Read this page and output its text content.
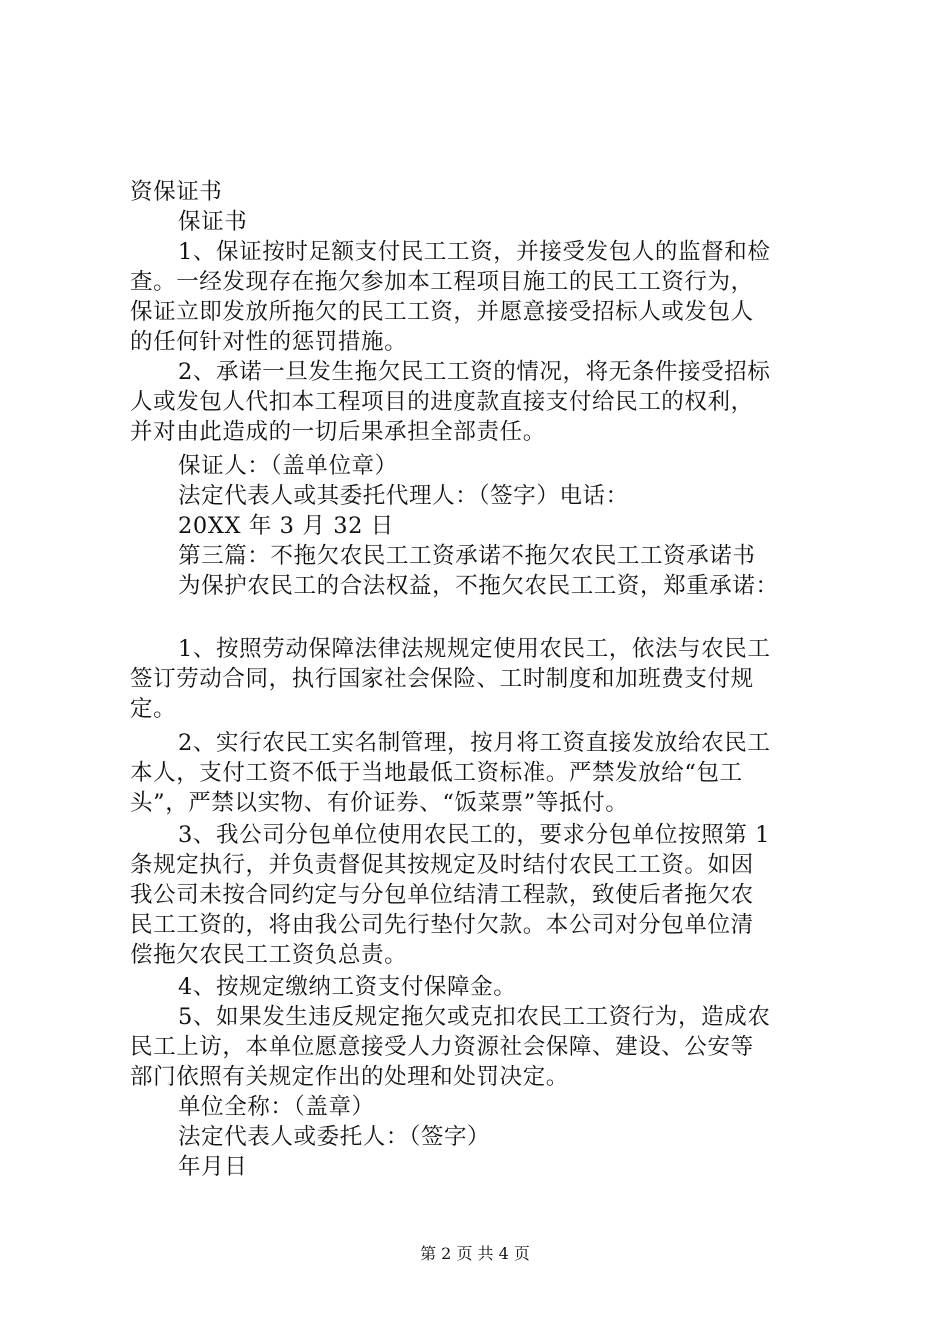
资保证书

保证书

1、保证按时足额支付民工工资，并接受发包人的监督和检

查。一经发现存在拖欠参加本工程项目施工的民工工资行为，

保证立即发放所拖欠的民工工资，并愿意接受招标人或发包人

的任何针对性的惩罚措施。

2、承诺一旦发生拖欠民工工资的情况，将无条件接受招标

人或发包人代扣本工程项目的进度款直接支付给民工的权利，

并对由此造成的一切后果承担全部责任。

保证人：（盖单位章）

法定代表人或其委托代理人：（签字）电话：

20XX 年 3 月 32 日

第三篇：不拖欠农民工工资承诺不拖欠农民工工资承诺书

为保护农民工的合法权益，不拖欠农民工工资，郑重承诺：

1、按照劳动保障法律法规规定使用农民工，依法与农民工

签订劳动合同，执行国家社会保险、工时制度和加班费支付规

定。

2、实行农民工实名制管理，按月将工资直接发放给农民工

本人，支付工资不低于当地最低工资标准。严禁发放给“包工

头”，严禁以实物、有价证券、“饭菜票”等抵付。

3、我公司分包单位使用农民工的，要求分包单位按照第 1

条规定执行，并负责督促其按规定及时结付农民工工资。如因

我公司未按合同约定与分包单位结清工程款，致使后者拖欠农

民工工资的，将由我公司先行垫付欠款。本公司对分包单位清

偿拖欠农民工工资负总责。

4、按规定缴纳工资支付保障金。

5、如果发生违反规定拖欠或克扣农民工工资行为，造成农

民工上访，本单位愿意接受人力资源社会保障、建设、公安等

部门依照有关规定作出的处理和处罚决定。

单位全称：（盖章）

法定代表人或委托人：（签字）

年月日

第 2 页 共 4 页
